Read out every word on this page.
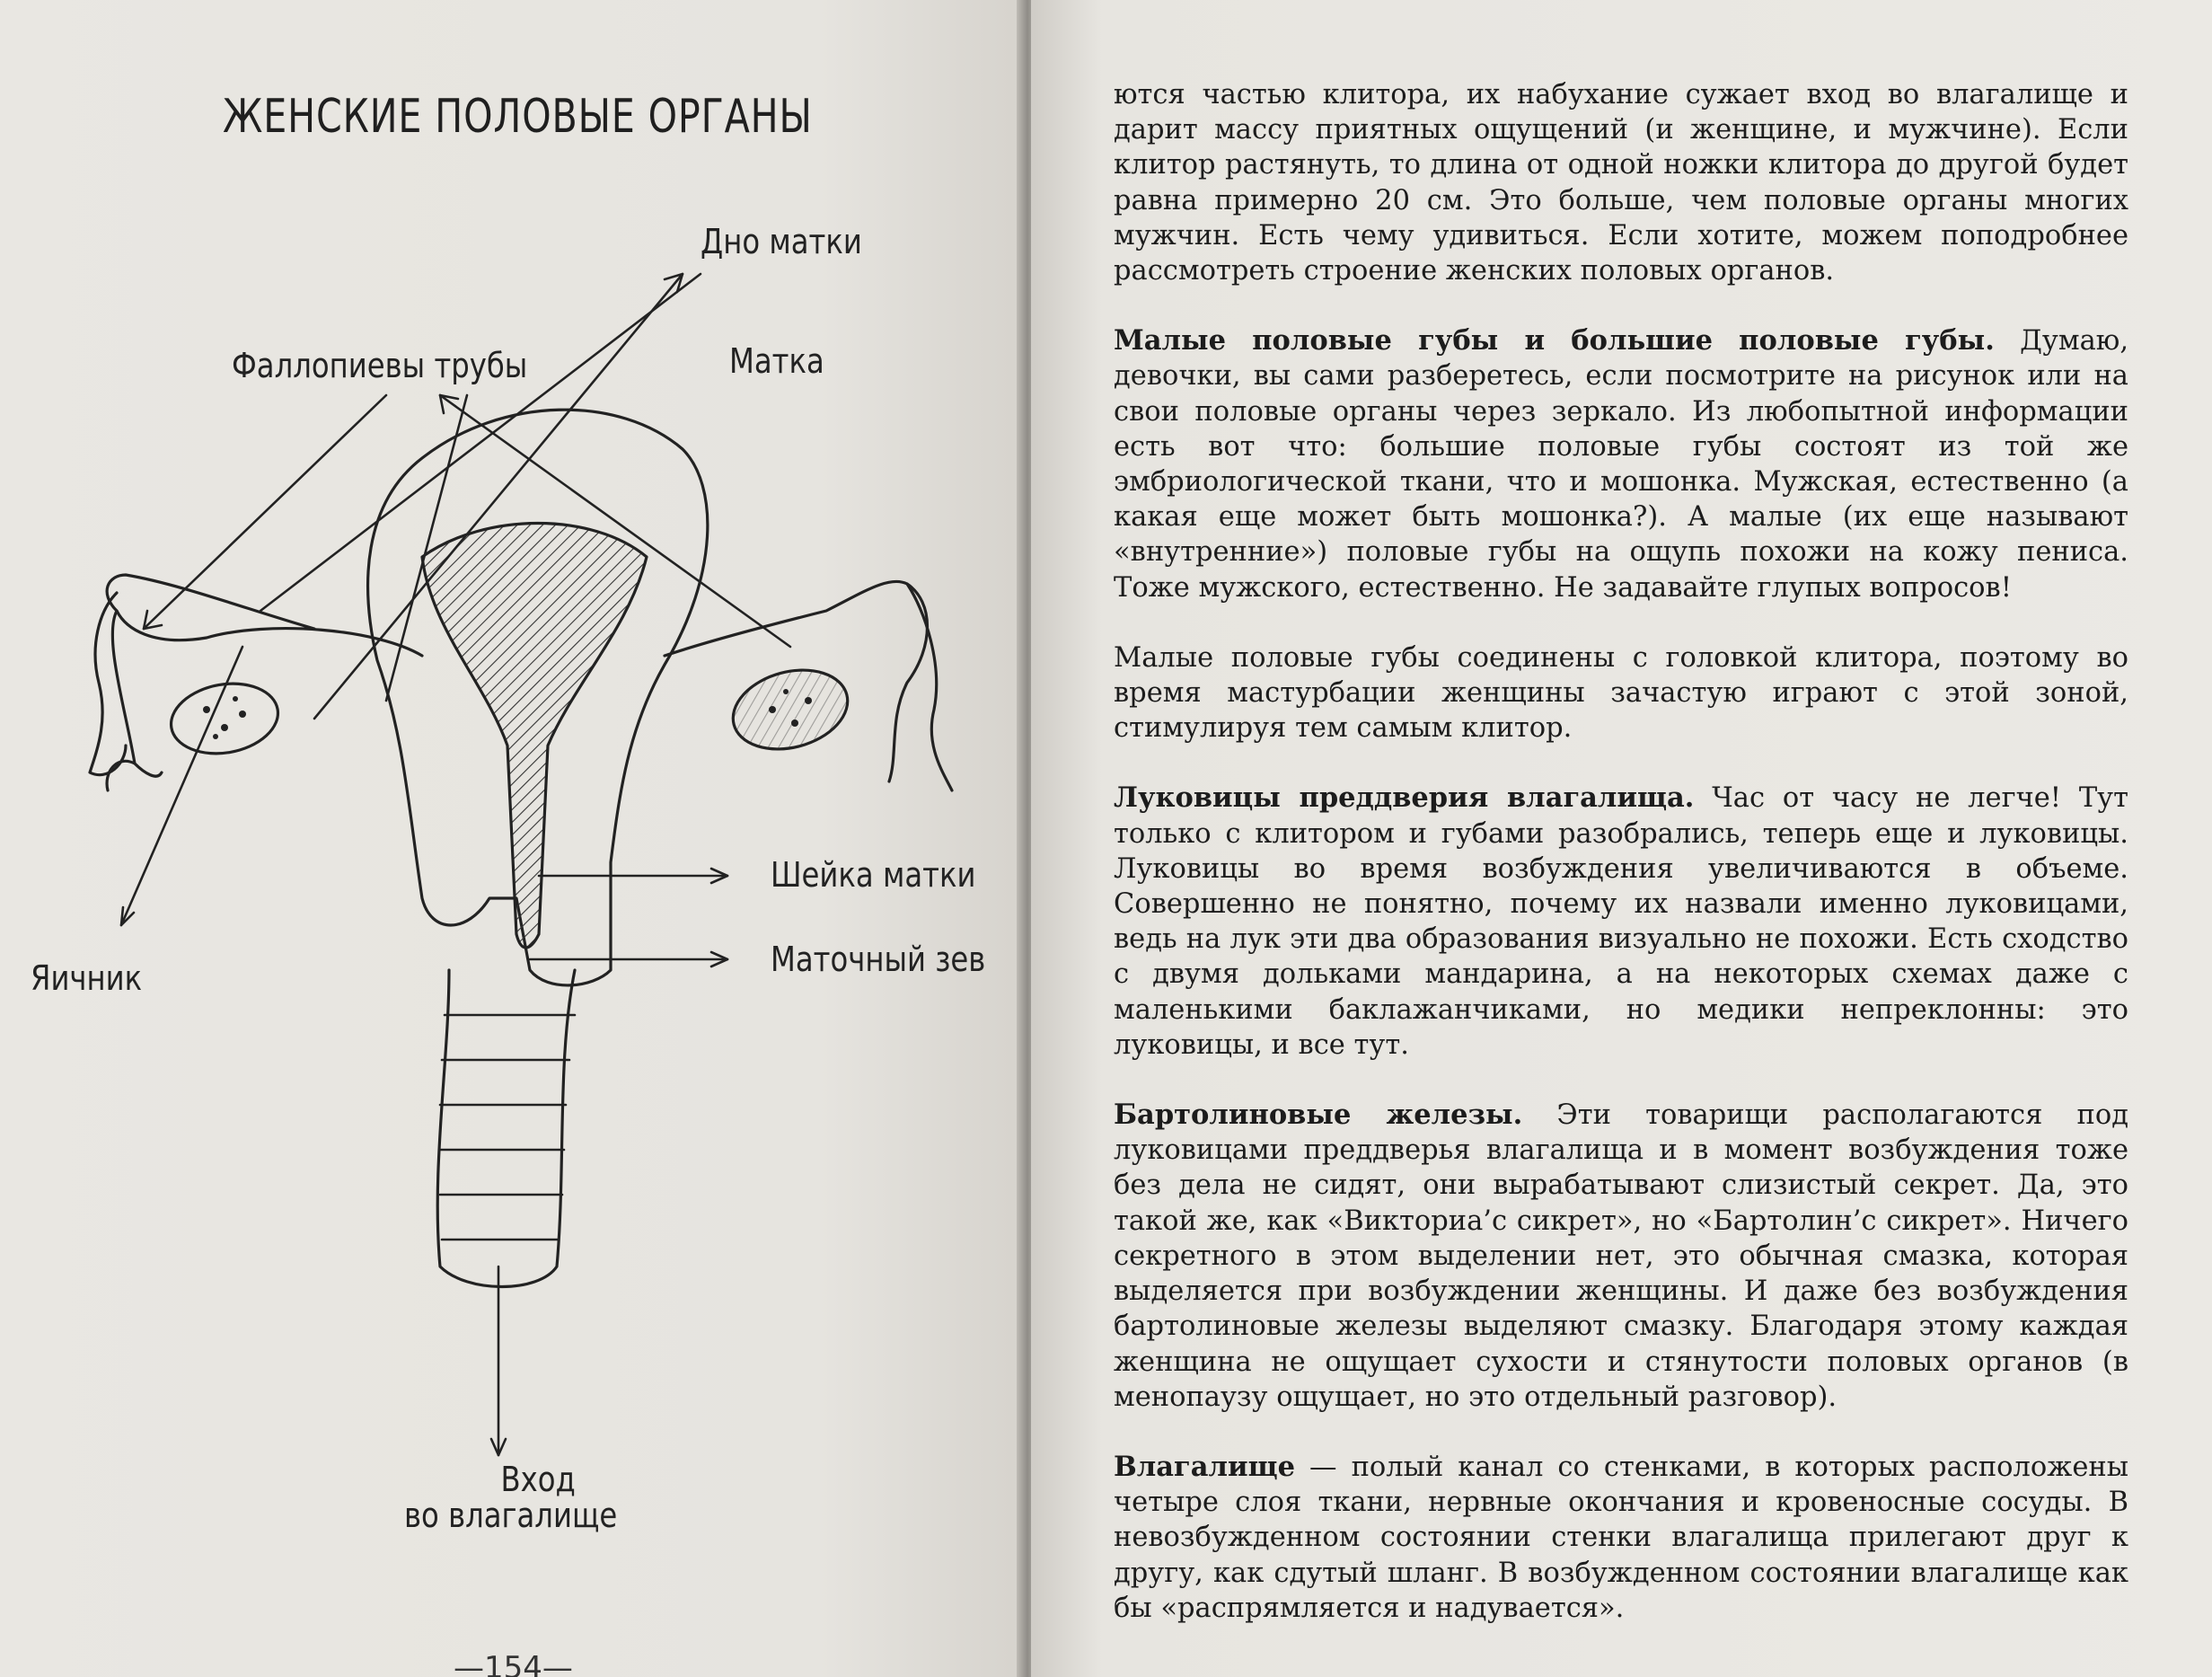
ЖЕНСКИЕ ПОЛОВЫЕ ОРГАНЫ
Дно матки
Фаллопиевы трубы	Матка
Шейка матки
Маточный зев
Яичник
Вход
во влагалище
—154—

ются частью клитора, их набухание сужает вход во влагалище и дарит массу приятных ощущений (и женщине, и мужчине). Если клитор растянуть, то длина от одной ножки клитора до другой будет равна примерно 20 см. Это больше, чем половые органы многих мужчин. Есть чему удивиться. Если хотите, можем поподробнее рассмотреть строение женских половых органов.

Малые половые губы и большие половые губы. Думаю, девочки, вы сами разберетесь, если посмотрите на рисунок или на свои половые органы через зеркало. Из любопытной информации есть вот что: большие половые губы состоят из той же эмбриологической ткани, что и мошонка. Мужская, естественно (а какая еще может быть мошонка?). А малые (их еще называют «внутренние») половые губы на ощупь похожи на кожу пениса. Тоже мужского, естественно. Не задавайте глупых вопросов!

Малые половые губы соединены с головкой клитора, поэтому во время мастурбации женщины зачастую играют с этой зоной, стимулируя тем самым клитор.

Луковицы преддверия влагалища. Час от часу не легче! Тут только с клитором и губами разобрались, теперь еще и луковицы. Луковицы во время возбуждения увеличиваются в объеме. Совершенно не понятно, почему их назвали именно луковицами, ведь на лук эти два образования визуально не похожи. Есть сходство с двумя дольками мандарина, а на некоторых схемах даже с маленькими баклажанчиками, но медики непреклонны: это луковицы, и все тут.

Бартолиновые железы. Эти товарищи располагаются под луковицами преддверья влагалища и в момент возбуждения тоже без дела не сидят, они вырабатывают слизистый секрет. Да, это такой же, как «Викториа’с сикрет», но «Бартолин’с сикрет». Ничего секретного в этом выделении нет, это обычная смазка, которая выделяется при возбуждении женщины. И даже без возбуждения бартолиновые железы выделяют смазку. Благодаря этому каждая женщина не ощущает сухости и стянутости половых органов (в менопаузу ощущает, но это отдельный разговор).

Влагалище — полый канал со стенками, в которых расположены четыре слоя ткани, нервные окончания и кровеносные сосуды. В невозбужденном состоянии стенки влагалища прилегают друг к другу, как сдутый шланг. В возбужденном состоянии влагалище как бы «распрямляется и надувается».
